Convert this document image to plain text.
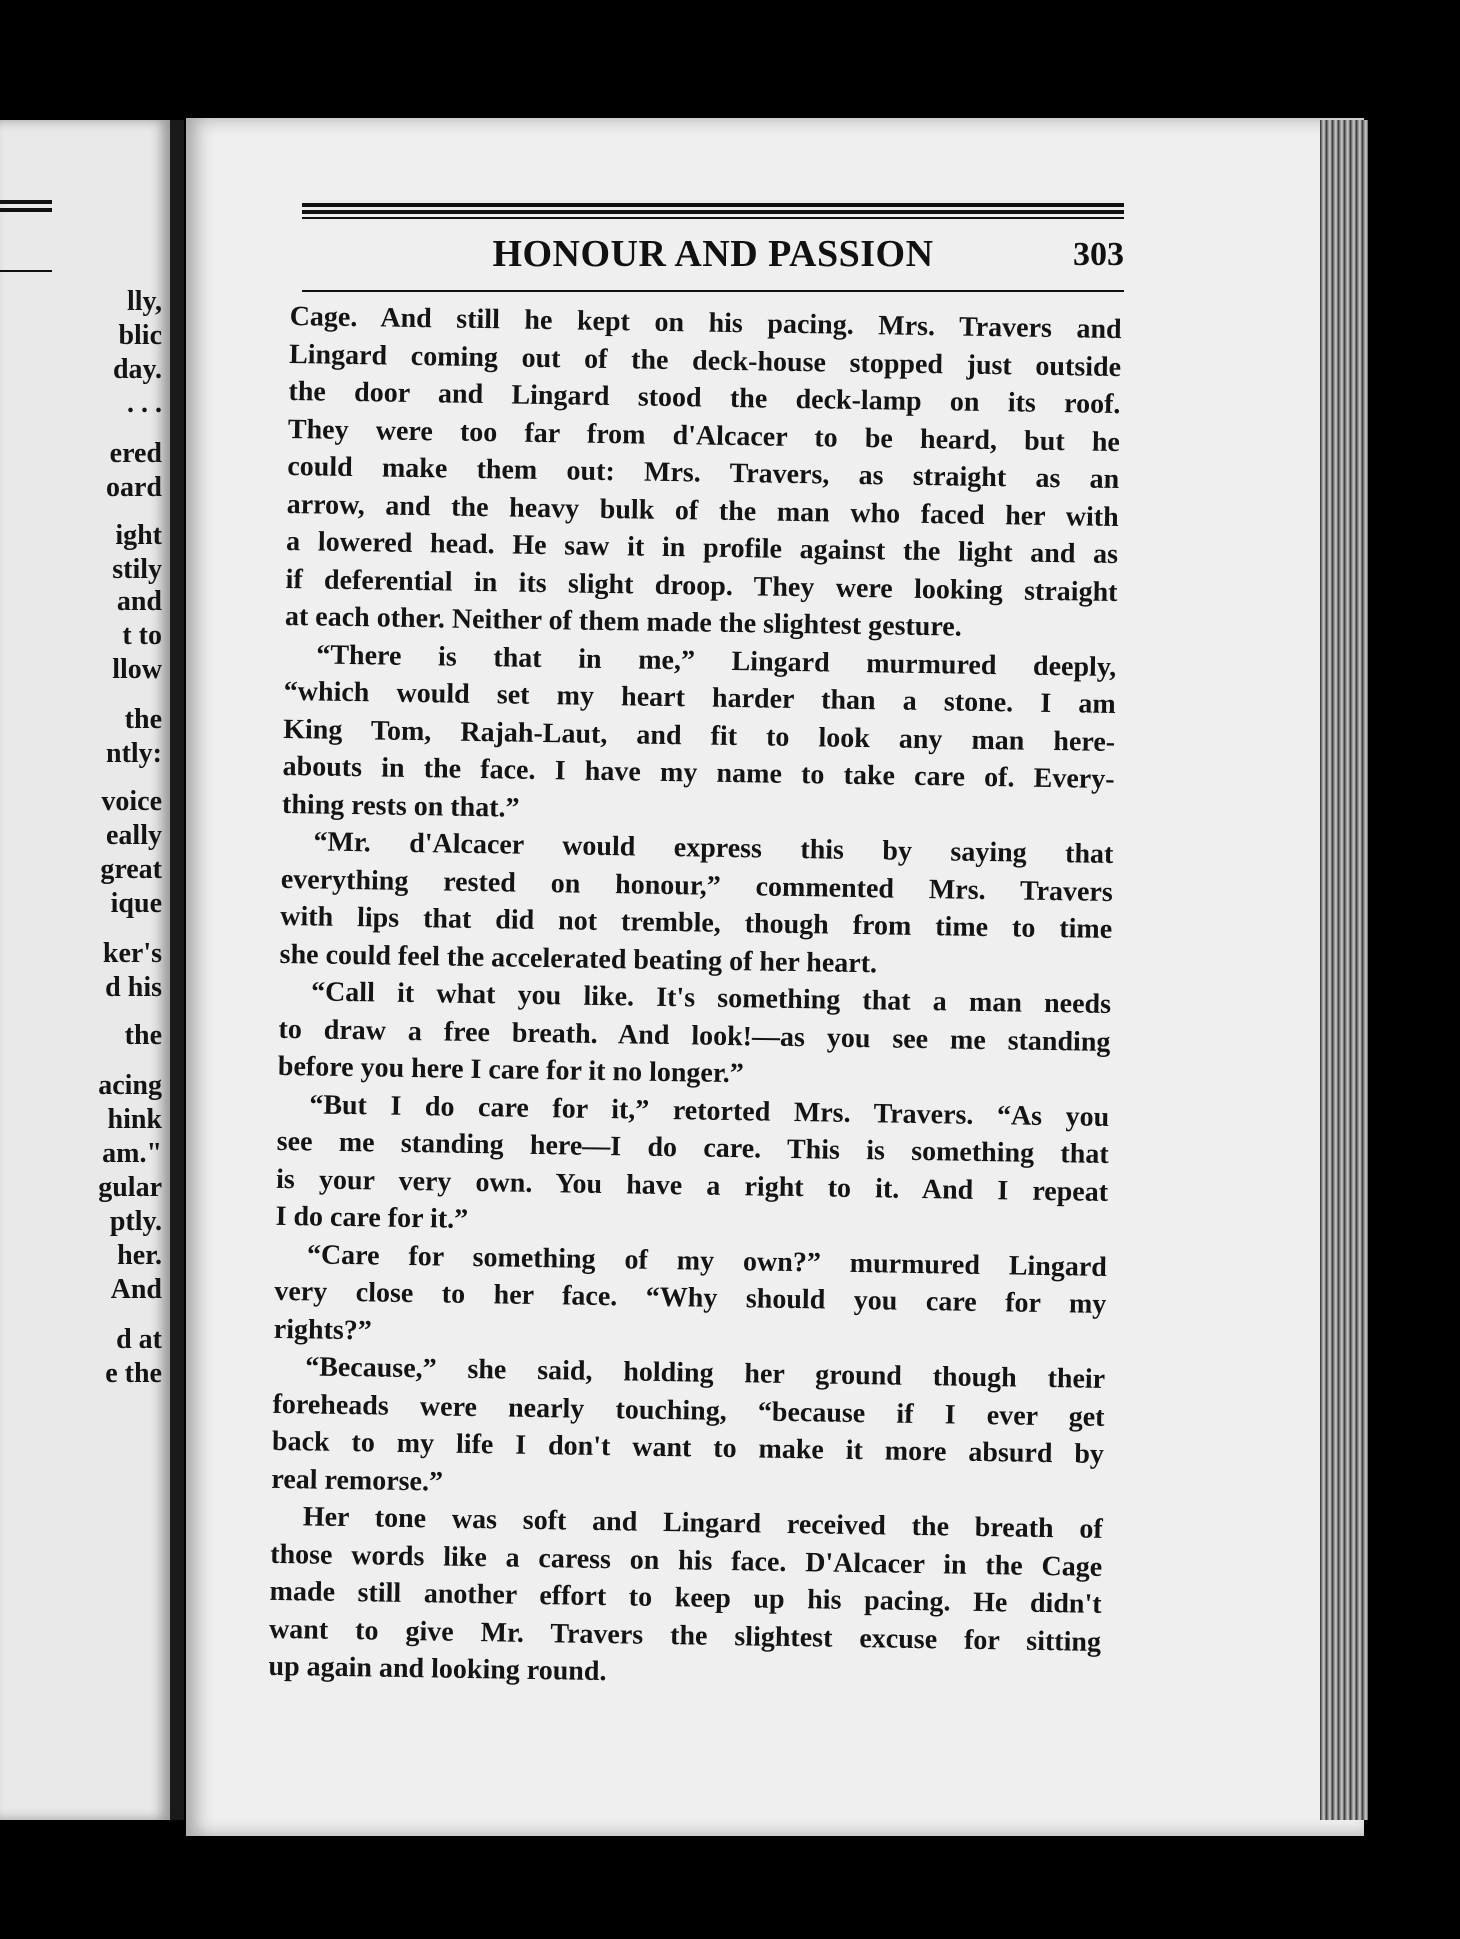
lly,
blic
day.
. . .
ered
oard
ight
stily
and
t to
llow
the
ntly:
voice
eally
great
ique
ker's
d his
the
acing
hink
am."
gular
ptly.
her.
And
d at
e the
HONOUR AND PASSION	303

Cage. And still he kept on his pacing. Mrs. Travers and

Lingard coming out of the deck-house stopped just outside

the door and Lingard stood the deck-lamp on its roof.

They were too far from d'Alcacer to be heard, but he

could make them out: Mrs. Travers, as straight as an

arrow, and the heavy bulk of the man who faced her with

a lowered head. He saw it in profile against the light and as

if deferential in its slight droop. They were looking straight

at each other. Neither of them made the slightest gesture.

“There is that in me,” Lingard murmured deeply,

“which would set my heart harder than a stone. I am

King Tom, Rajah-Laut, and fit to look any man here-

abouts in the face. I have my name to take care of. Every-

thing rests on that.”

“Mr. d'Alcacer would express this by saying that

everything rested on honour,” commented Mrs. Travers

with lips that did not tremble, though from time to time

she could feel the accelerated beating of her heart.

“Call it what you like. It's something that a man needs

to draw a free breath. And look!—as you see me standing

before you here I care for it no longer.”

“But I do care for it,” retorted Mrs. Travers. “As you

see me standing here—I do care. This is something that

is your very own. You have a right to it. And I repeat

I do care for it.”

“Care for something of my own?” murmured Lingard

very close to her face. “Why should you care for my

rights?”

“Because,” she said, holding her ground though their

foreheads were nearly touching, “because if I ever get

back to my life I don't want to make it more absurd by

real remorse.”

Her tone was soft and Lingard received the breath of

those words like a caress on his face. D'Alcacer in the Cage

made still another effort to keep up his pacing. He didn't

want to give Mr. Travers the slightest excuse for sitting

up again and looking round.
